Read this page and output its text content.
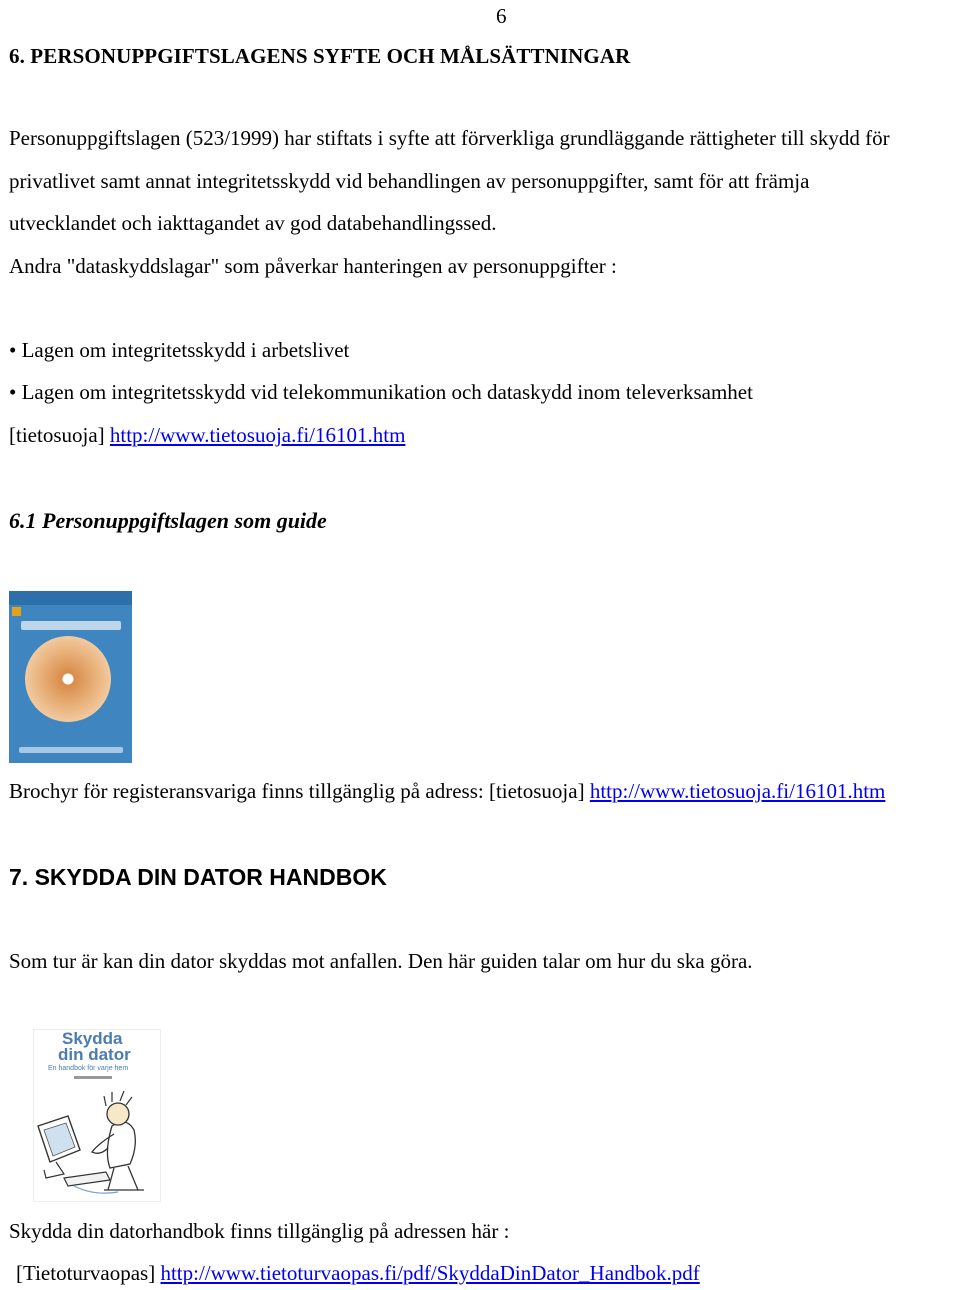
6
6. PERSONUPPGIFTSLAGENS SYFTE OCH MÅLSÄTTNINGAR
Personuppgiftslagen (523/1999) har stiftats i syfte att förverkliga grundläggande rättigheter till skydd för
privatlivet samt annat integritetsskydd vid behandlingen av personuppgifter, samt för att främja
utvecklandet och iakttagandet av god databehandlingssed.
Andra "dataskyddslagar" som påverkar hanteringen av personuppgifter :
• Lagen om integritetsskydd i arbetslivet
• Lagen om integritetsskydd vid telekommunikation och dataskydd inom televerksamhet
[tietosuoja] http://www.tietosuoja.fi/16101.htm
6.1 Personuppgiftslagen som guide
Brochyr för registeransvariga finns tillgänglig på adress: [tietosuoja] http://www.tietosuoja.fi/16101.htm
7. SKYDDA DIN DATOR HANDBOK
Som tur är kan din dator skyddas mot anfallen. Den här guiden talar om hur du ska göra.
Skydda
din dator
En handbok för varje hem
Skydda din datorhandbok finns tillgänglig på adressen här :
[Tietoturvaopas] http://www.tietoturvaopas.fi/pdf/SkyddaDinDator_Handbok.pdf
